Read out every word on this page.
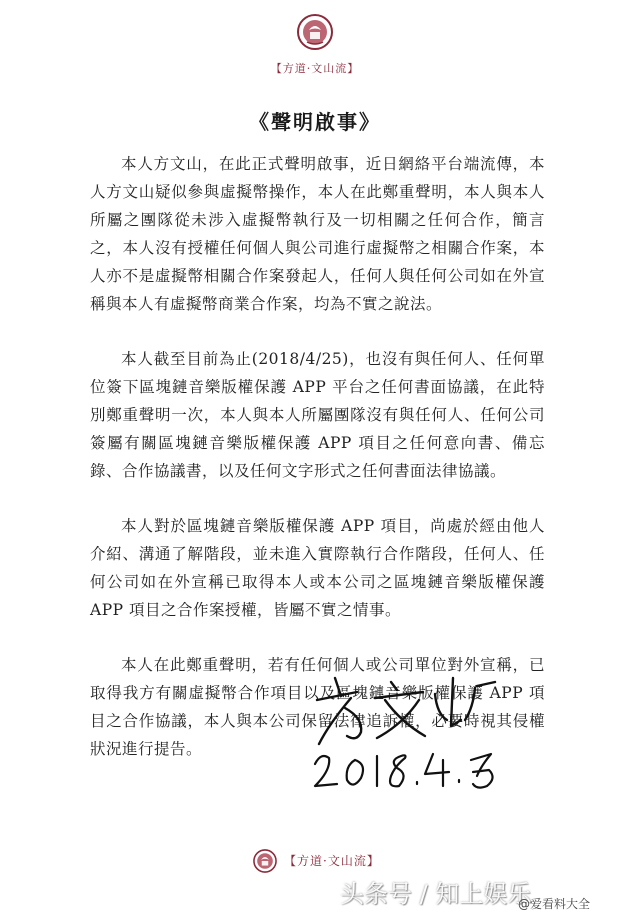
【方道·文山流】
《聲明啟事》

本人方文山，在此正式聲明啟事，近日網絡平台端流傳，本人方文山疑似參與虛擬幣操作，本人在此鄭重聲明，本人與本人所屬之團隊從未涉入虛擬幣執行及一切相關之任何合作，簡言之，本人沒有授權任何個人與公司進行虛擬幣之相關合作案，本人亦不是虛擬幣相關合作案發起人，任何人與任何公司如在外宣稱與本人有虛擬幣商業合作案，均為不實之說法。

本人截至目前為止(2018/4/25)，也沒有與任何人、任何單位簽下區塊鏈音樂版權保護 APP 平台之任何書面協議，在此特別鄭重聲明一次，本人與本人所屬團隊沒有與任何人、任何公司簽屬有關區塊鏈音樂版權保護 APP 項目之任何意向書、備忘錄、合作協議書，以及任何文字形式之任何書面法律協議。

本人對於區塊鏈音樂版權保護 APP 項目，尚處於經由他人介紹、溝通了解階段，並未進入實際執行合作階段，任何人、任何公司如在外宣稱已取得本人或本公司之區塊鏈音樂版權保護 APP 項目之合作案授權，皆屬不實之情事。

本人在此鄭重聲明，若有任何個人或公司單位對外宣稱，已取得我方有關虛擬幣合作項目以及區塊鏈音樂版權保護 APP 項目之合作協議，本人與本公司保留法律追訴權，必要時視其侵權狀況進行提告。

【方道·文山流】
头条号 / 知上娱乐
@爱看料大全
